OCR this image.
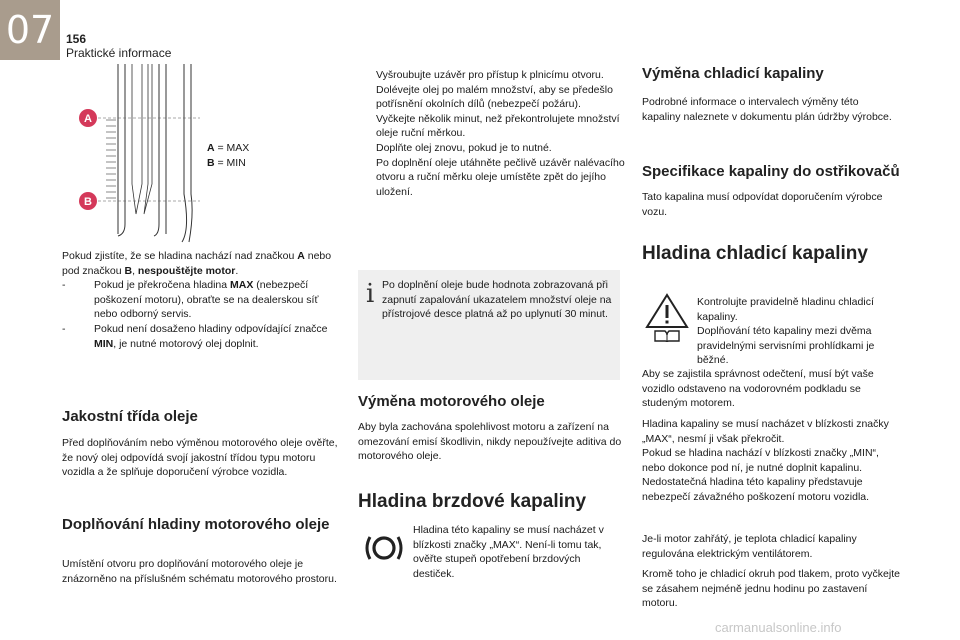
07 156
Praktické informace
A
B
A = MAX
B = MIN

Pokud zjistíte, že se hladina nachází nad značkou A nebo pod značkou B, nespouštějte motor.

-	Pokud je překročena hladina MAX (nebezpečí poškození motoru), obraťte se na dealerskou síť nebo odborný servis.
-	Pokud není dosaženo hladiny odpovídající značce MIN, je nutné motorový olej doplnit.
Jakostní třída oleje

Před doplňováním nebo výměnou motorového oleje ověřte, že nový olej odpovídá svojí jakostní třídou typu motoru vozidla a že splňuje doporučení výrobce vozidla.

Doplňování hladiny motorového oleje

Umístění otvoru pro doplňování motorového oleje je znázorněno na příslušném schématu motorového prostoru.

Vyšroubujte uzávěr pro přístup k plnicímu otvoru.
Dolévejte olej po malém množství, aby se předešlo potřísnění okolních dílů (nebezpečí požáru).
Vyčkejte několik minut, než překontrolujete množství oleje ruční měrkou.
Doplňte olej znovu, pokud je to nutné.
Po doplnění oleje utáhněte pečlivě uzávěr nalévacího otvoru a ruční měrku oleje umístěte zpět do jejího uložení.
i Po doplnění oleje bude hodnota zobrazovaná při zapnutí zapalování ukazatelem množství oleje na přístrojové desce platná až po uplynutí 30 minut.

Výměna motorového oleje

Aby byla zachována spolehlivost motoru a zařízení na omezování emisí škodlivin, nikdy nepoužívejte aditiva do motorového oleje.

Hladina brzdové kapaliny

Hladina této kapaliny se musí nacházet v blízkosti značky „MAX“. Není-li tomu tak, ověřte stupeň opotřebení brzdových destiček.

Výměna chladicí kapaliny

Podrobné informace o intervalech výměny této kapaliny naleznete v dokumentu plán údržby výrobce.

Specifikace kapaliny do ostřikovačů

Tato kapalina musí odpovídat doporučením výrobce vozu.

Hladina chladicí kapaliny

Kontrolujte pravidelně hladinu chladicí kapaliny.
Doplňování této kapaliny mezi dvěma pravidelnými servisními prohlídkami je běžné.

Aby se zajistila správnost odečtení, musí být vaše vozidlo odstaveno na vodorovném podkladu se studeným motorem.

Hladina kapaliny se musí nacházet v blízkosti značky „MAX“, nesmí ji však překročit.
Pokud se hladina nachází v blízkosti značky „MIN“, nebo dokonce pod ní, je nutné doplnit kapalinu.
Nedostatečná hladina této kapaliny představuje nebezpečí závažného poškození motoru vozidla.

Je-li motor zahřátý, je teplota chladicí kapaliny regulována elektrickým ventilátorem.

Kromě toho je chladicí okruh pod tlakem, proto vyčkejte se zásahem nejméně jednu hodinu po zastavení motoru.

carmanualsonline.info
